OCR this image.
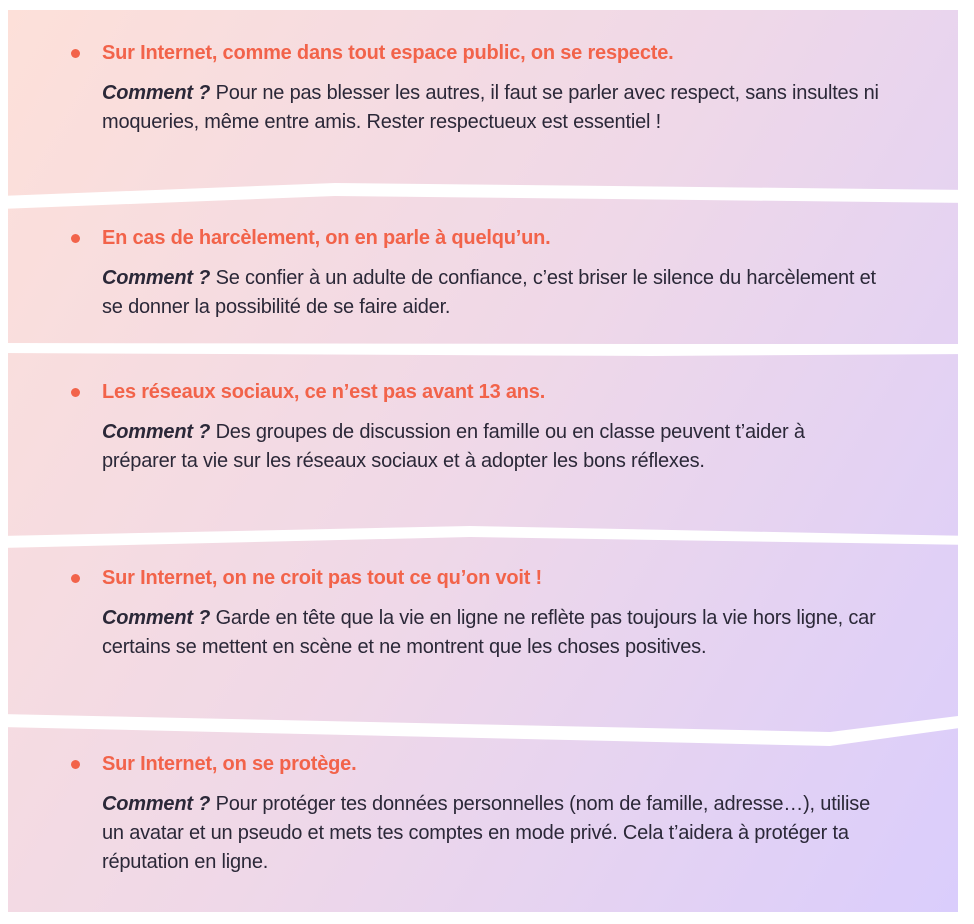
Sur Internet, comme dans tout espace public, on se respecte.
Comment ? Pour ne pas blesser les autres, il faut se parler avec respect, sans insultes ni moqueries, même entre amis. Rester respectueux est essentiel !
En cas de harcèlement, on en parle à quelqu’un.
Comment ? Se confier à un adulte de confiance, c’est briser le silence du harcèlement et se donner la possibilité de se faire aider.
Les réseaux sociaux, ce n’est pas avant 13 ans.
Comment ? Des groupes de discussion en famille ou en classe peuvent t’aider à préparer ta vie sur les réseaux sociaux et à adopter les bons réflexes.
Sur Internet, on ne croit pas tout ce qu’on voit !
Comment ? Garde en tête que la vie en ligne ne reflète pas toujours la vie hors ligne, car certains se mettent en scène et ne montrent que les choses positives.
Sur Internet, on se protège.
Comment ? Pour protéger tes données personnelles (nom de famille, adresse…), utilise un avatar et un pseudo et mets tes comptes en mode privé. Cela t’aidera à protéger ta réputation en ligne.
